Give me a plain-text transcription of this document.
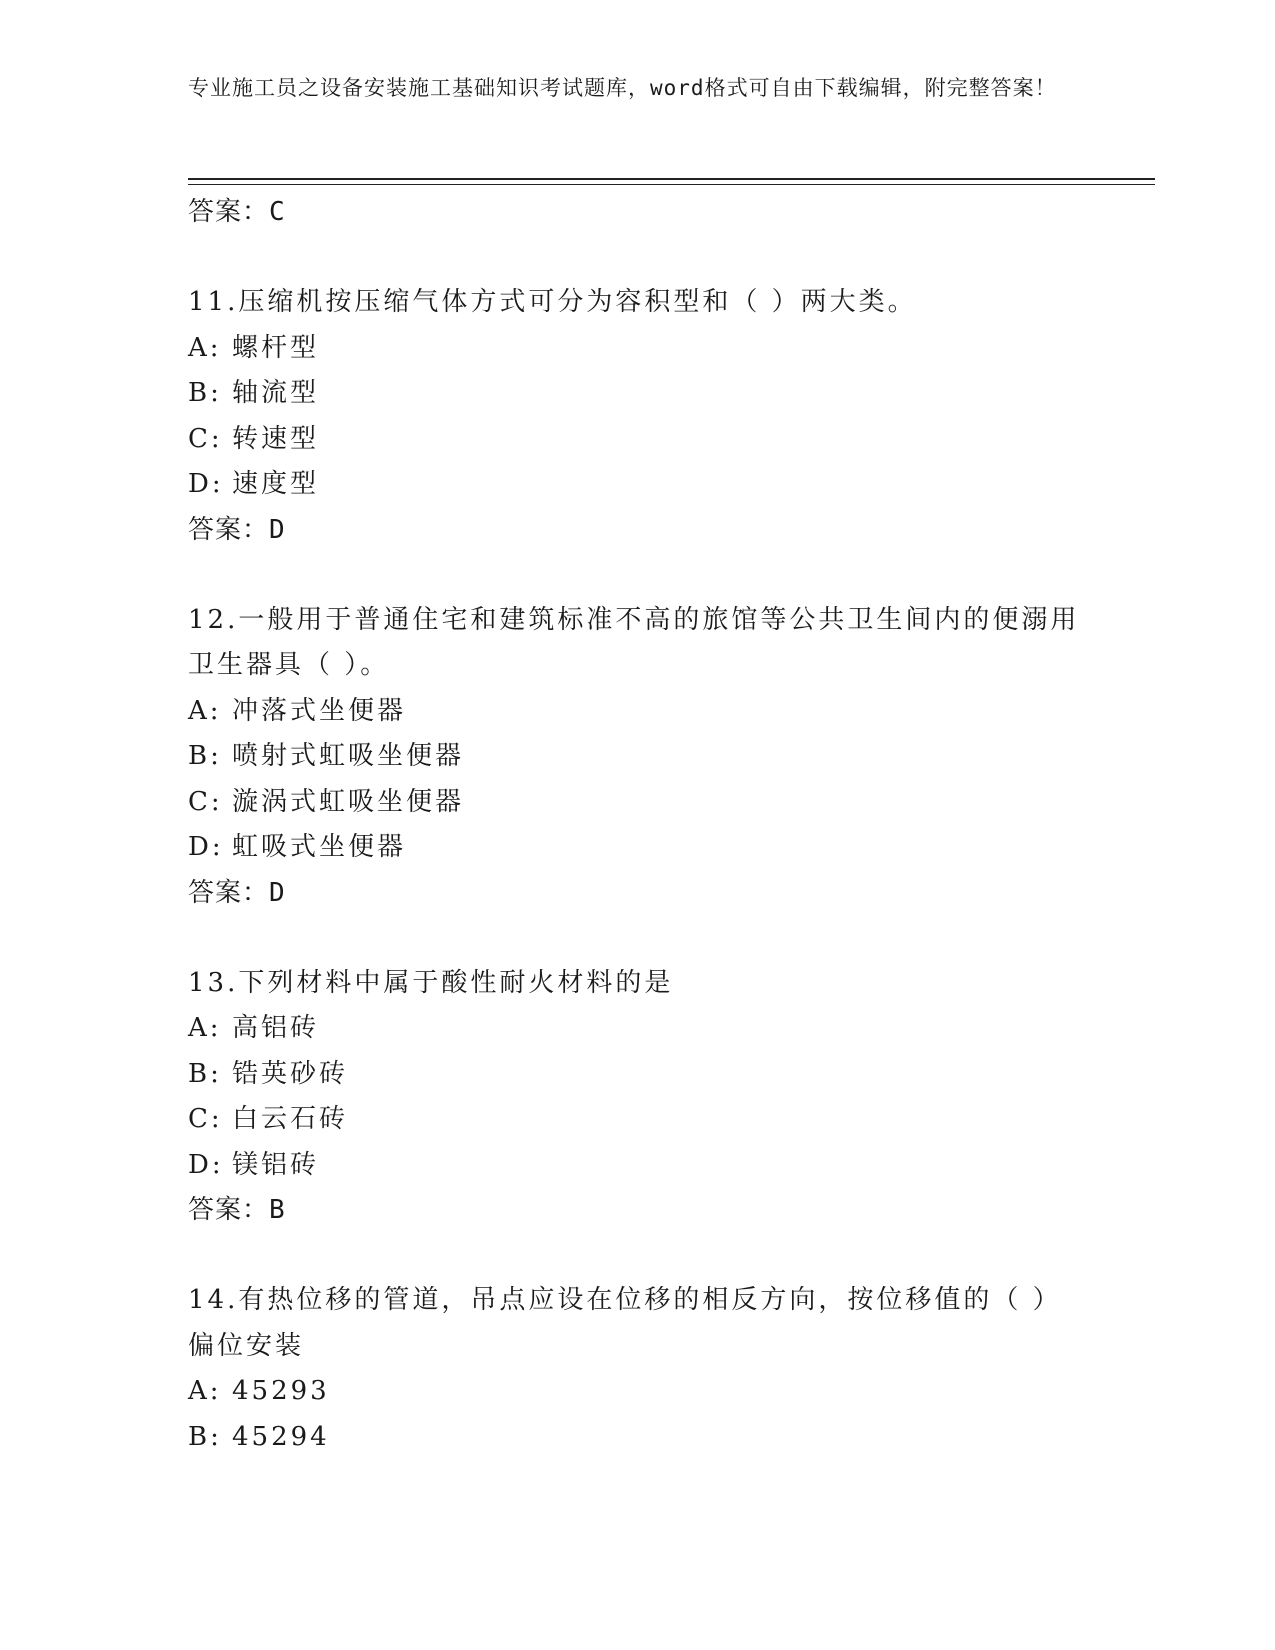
专业施工员之设备安装施工基础知识考试题库，word格式可自由下载编辑，附完整答案！
答案：C
11.压缩机按压缩气体方式可分为容积型和（ ）两大类。
A: 螺杆型
B: 轴流型
C: 转速型
D: 速度型
答案：D
12.一般用于普通住宅和建筑标准不高的旅馆等公共卫生间内的便溺用卫生器具（ ）。
A: 冲落式坐便器
B: 喷射式虹吸坐便器
C: 漩涡式虹吸坐便器
D: 虹吸式坐便器
答案：D
13.下列材料中属于酸性耐火材料的是
A: 高铝砖
B: 锆英砂砖
C: 白云石砖
D: 镁铝砖
答案：B
14.有热位移的管道，吊点应设在位移的相反方向，按位移值的（ ）偏位安装
A: 45293
B: 45294
